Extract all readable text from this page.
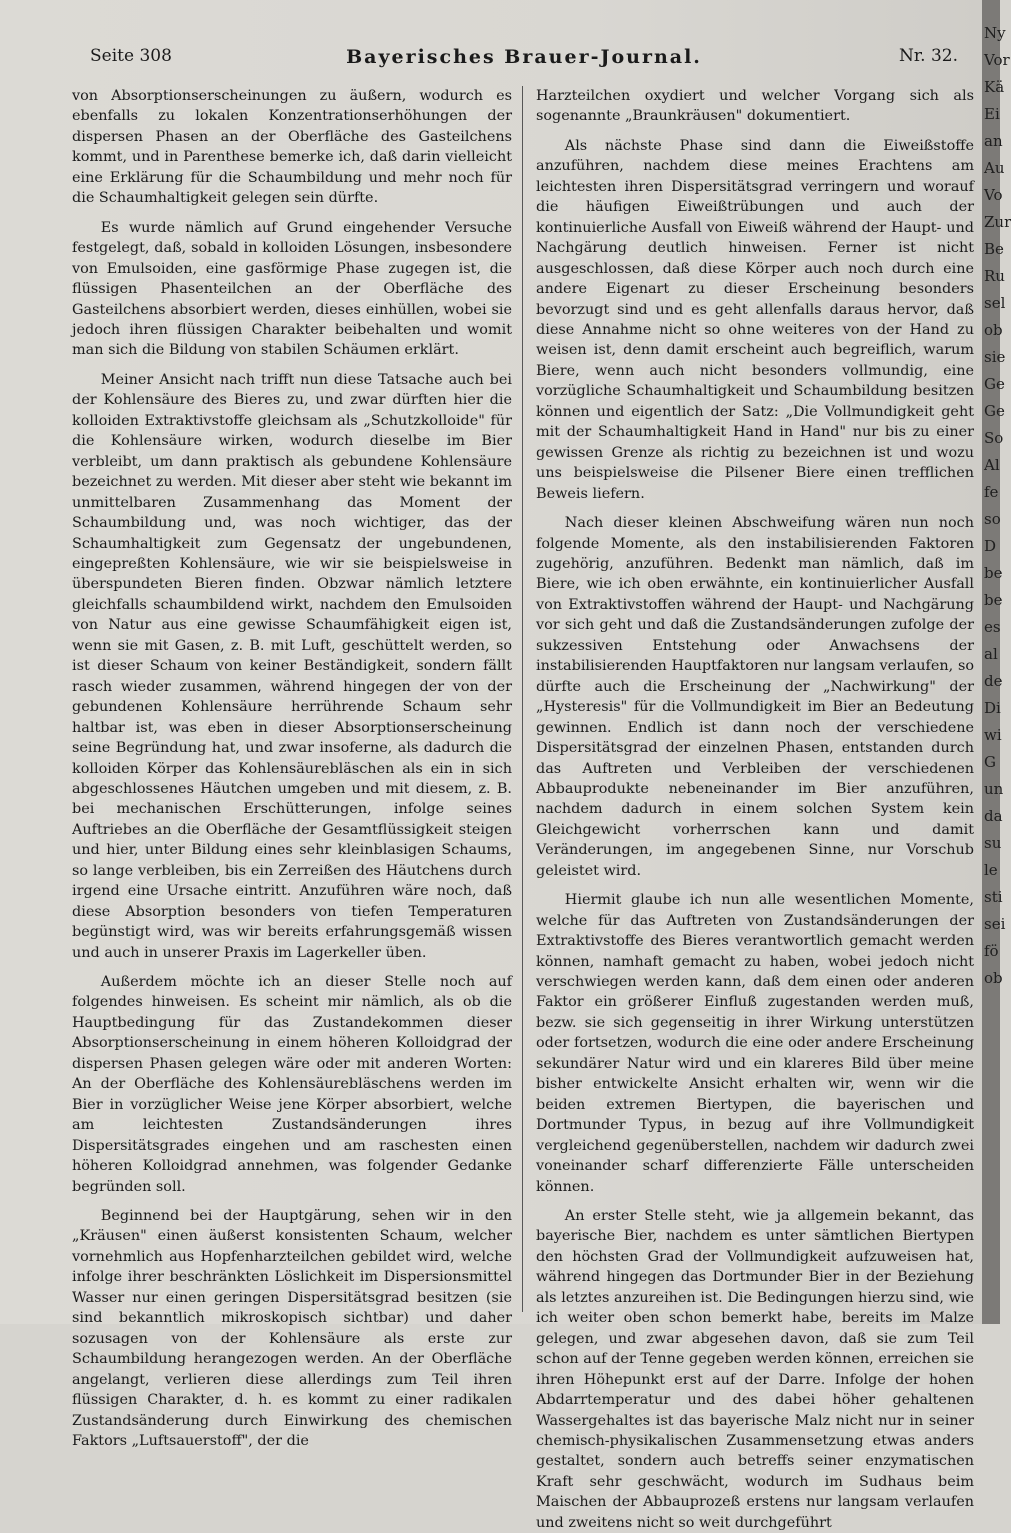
Seite 308	Bayerisches Brauer-Journal.	Nr. 32.

von Absorptionserscheinungen zu äußern, wodurch es ebenfalls zu lokalen Konzentrationserhöhungen der dispersen Phasen an der Oberfläche des Gasteilchens kommt, und in Parenthese bemerke ich, daß darin vielleicht eine Erklärung für die Schaumbildung und mehr noch für die Schaumhaltigkeit gelegen sein dürfte.

Es wurde nämlich auf Grund eingehender Versuche festgelegt, daß, sobald in kolloiden Lösungen, insbesondere von Emulsoiden, eine gasförmige Phase zugegen ist, die flüssigen Phasenteilchen an der Oberfläche des Gasteilchens absorbiert werden, dieses einhüllen, wobei sie jedoch ihren flüssigen Charakter beibehalten und womit man sich die Bildung von stabilen Schäumen erklärt.

Meiner Ansicht nach trifft nun diese Tatsache auch bei der Kohlensäure des Bieres zu, und zwar dürften hier die kolloiden Extraktivstoffe gleichsam als „Schutzkolloide" für die Kohlensäure wirken, wodurch dieselbe im Bier verbleibt, um dann praktisch als gebundene Kohlensäure bezeichnet zu werden. Mit dieser aber steht wie bekannt im unmittelbaren Zusammenhang das Moment der Schaumbildung und, was noch wichtiger, das der Schaumhaltigkeit zum Gegensatz der ungebundenen, eingepreßten Kohlensäure, wie wir sie beispielsweise in überspundeten Bieren finden. Obzwar nämlich letztere gleichfalls schaumbildend wirkt, nachdem den Emulsoiden von Natur aus eine gewisse Schaumfähigkeit eigen ist, wenn sie mit Gasen, z. B. mit Luft, geschüttelt werden, so ist dieser Schaum von keiner Beständigkeit, sondern fällt rasch wieder zusammen, während hingegen der von der gebundenen Kohlensäure herrührende Schaum sehr haltbar ist, was eben in dieser Absorptionserscheinung seine Begründung hat, und zwar insoferne, als dadurch die kolloiden Körper das Kohlensäurebläschen als ein in sich abgeschlossenes Häutchen umgeben und mit diesem, z. B. bei mechanischen Erschütterungen, infolge seines Auftriebes an die Oberfläche der Gesamtflüssigkeit steigen und hier, unter Bildung eines sehr kleinblasigen Schaums, so lange verbleiben, bis ein Zerreißen des Häutchens durch irgend eine Ursache eintritt. Anzuführen wäre noch, daß diese Absorption besonders von tiefen Temperaturen begünstigt wird, was wir bereits erfahrungsgemäß wissen und auch in unserer Praxis im Lagerkeller üben.

Außerdem möchte ich an dieser Stelle noch auf folgendes hinweisen. Es scheint mir nämlich, als ob die Hauptbedingung für das Zustandekommen dieser Absorptionserscheinung in einem höheren Kolloidgrad der dispersen Phasen gelegen wäre oder mit anderen Worten: An der Oberfläche des Kohlensäurebläschens werden im Bier in vorzüglicher Weise jene Körper absorbiert, welche am leichtesten Zustandsänderungen ihres Dispersitätsgrades eingehen und am raschesten einen höheren Kolloidgrad annehmen, was folgender Gedanke begründen soll.

Beginnend bei der Hauptgärung, sehen wir in den „Kräusen" einen äußerst konsistenten Schaum, welcher vornehmlich aus Hopfenharzteilchen gebildet wird, welche infolge ihrer beschränkten Löslichkeit im Dispersionsmittel Wasser nur einen geringen Dispersitätsgrad besitzen (sie sind bekanntlich mikroskopisch sichtbar) und daher sozusagen von der Kohlensäure als erste zur Schaumbildung herangezogen werden. An der Oberfläche angelangt, verlieren diese allerdings zum Teil ihren flüssigen Charakter, d. h. es kommt zu einer radikalen Zustandsänderung durch Einwirkung des chemischen Faktors „Luftsauerstoff", der die

Harzteilchen oxydiert und welcher Vorgang sich als sogenannte „Braunkräusen" dokumentiert.

Als nächste Phase sind dann die Eiweißstoffe anzuführen, nachdem diese meines Erachtens am leichtesten ihren Dispersitätsgrad verringern und worauf die häufigen Eiweißtrübungen und auch der kontinuierliche Ausfall von Eiweiß während der Haupt- und Nachgärung deutlich hinweisen. Ferner ist nicht ausgeschlossen, daß diese Körper auch noch durch eine andere Eigenart zu dieser Erscheinung besonders bevorzugt sind und es geht allenfalls daraus hervor, daß diese Annahme nicht so ohne weiteres von der Hand zu weisen ist, denn damit erscheint auch begreiflich, warum Biere, wenn auch nicht besonders vollmundig, eine vorzügliche Schaumhaltigkeit und Schaumbildung besitzen können und eigentlich der Satz: „Die Vollmundigkeit geht mit der Schaumhaltigkeit Hand in Hand" nur bis zu einer gewissen Grenze als richtig zu bezeichnen ist und wozu uns beispielsweise die Pilsener Biere einen trefflichen Beweis liefern.

Nach dieser kleinen Abschweifung wären nun noch folgende Momente, als den instabilisierenden Faktoren zugehörig, anzuführen. Bedenkt man nämlich, daß im Biere, wie ich oben erwähnte, ein kontinuierlicher Ausfall von Extraktivstoffen während der Haupt- und Nachgärung vor sich geht und daß die Zustandsänderungen zufolge der sukzessiven Entstehung oder Anwachsens der instabilisierenden Hauptfaktoren nur langsam verlaufen, so dürfte auch die Erscheinung der „Nachwirkung" der „Hysteresis" für die Vollmundigkeit im Bier an Bedeutung gewinnen. Endlich ist dann noch der verschiedene Dispersitätsgrad der einzelnen Phasen, entstanden durch das Auftreten und Verbleiben der verschiedenen Abbauprodukte nebeneinander im Bier anzuführen, nachdem dadurch in einem solchen System kein Gleichgewicht vorherrschen kann und damit Veränderungen, im angegebenen Sinne, nur Vorschub geleistet wird.

Hiermit glaube ich nun alle wesentlichen Momente, welche für das Auftreten von Zustandsänderungen der Extraktivstoffe des Bieres verantwortlich gemacht werden können, namhaft gemacht zu haben, wobei jedoch nicht verschwiegen werden kann, daß dem einen oder anderen Faktor ein größerer Einfluß zugestanden werden muß, bezw. sie sich gegenseitig in ihrer Wirkung unterstützen oder fortsetzen, wodurch die eine oder andere Erscheinung sekundärer Natur wird und ein klareres Bild über meine bisher entwickelte Ansicht erhalten wir, wenn wir die beiden extremen Biertypen, die bayerischen und Dortmunder Typus, in bezug auf ihre Vollmundigkeit vergleichend gegenüberstellen, nachdem wir dadurch zwei voneinander scharf differenzierte Fälle unterscheiden können.

An erster Stelle steht, wie ja allgemein bekannt, das bayerische Bier, nachdem es unter sämtlichen Biertypen den höchsten Grad der Vollmundigkeit aufzuweisen hat, während hingegen das Dortmunder Bier in der Beziehung als letztes anzureihen ist. Die Bedingungen hierzu sind, wie ich weiter oben schon bemerkt habe, bereits im Malze gelegen, und zwar abgesehen davon, daß sie zum Teil schon auf der Tenne gegeben werden können, erreichen sie ihren Höhepunkt erst auf der Darre. Infolge der hohen Abdarrtemperatur und des dabei höher gehaltenen Wassergehaltes ist das bayerische Malz nicht nur in seiner chemisch-physikalischen Zusammensetzung etwas anders gestaltet, sondern auch betreffs seiner enzymatischen Kraft sehr geschwächt, wodurch im Sudhaus beim Maischen der Abbauprozeß erstens nur langsam verlaufen und zweitens nicht so weit durchgeführt

Ny
Vor
Kä
Ei
an
Au
Vo
Zur
Be
Ru
sel
ob
sie
Ge
Ge
So
Al
fe
so
D
be
be
es
al
de
Di
wi
G
un
da
su
le
sti
sei
fö
ob
